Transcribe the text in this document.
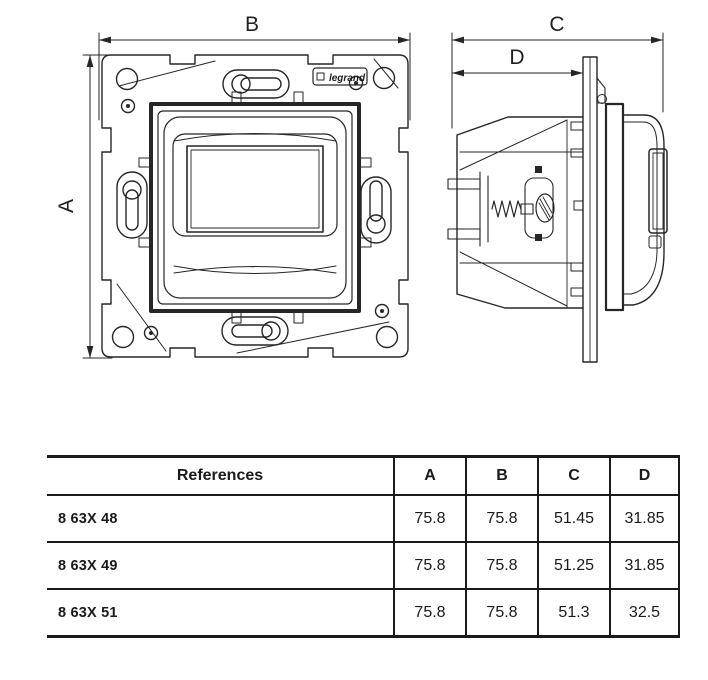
B
A
legrand
C
D
References	A	B	C	D
8 63X 48	75.8	75.8	51.45	31.85
8 63X 49	75.8	75.8	51.25	31.85
8 63X 51	75.8	75.8	51.3	32.5
